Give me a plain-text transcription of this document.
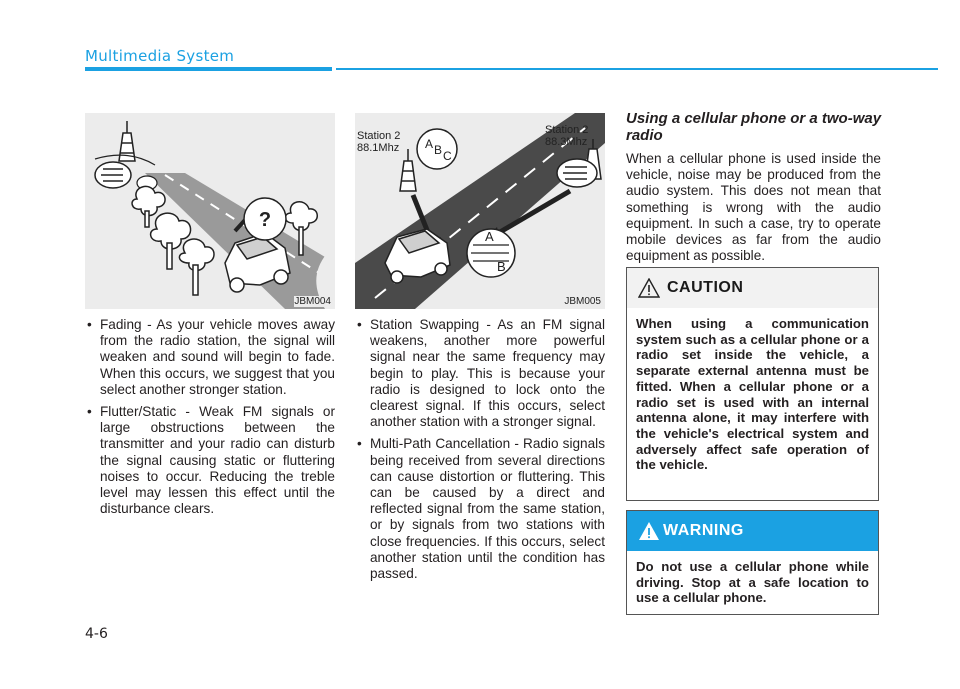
Multimedia System
?
JBM004
Station 2
88.1Mhz
Station 2
88.3Mhz
A B C
A
B
JBM005
• Fading - As your vehicle moves away from the radio station, the signal will weaken and sound will begin to fade. When this occurs, we suggest that you select another stronger station.
• Flutter/Static - Weak FM signals or large obstructions between the transmitter and your radio can disturb the signal causing static or fluttering noises to occur. Reducing the treble level may lessen this effect until the disturbance clears.
• Station Swapping - As an FM signal weakens, another more powerful signal near the same frequency may begin to play. This is because your radio is designed to lock onto the clearest signal. If this occurs, select another station with a stronger signal.
• Multi-Path Cancellation - Radio signals being received from several directions can cause distortion or fluttering. This can be caused by a direct and reflected signal from the same station, or by signals from two stations with close frequencies. If this occurs, select another station until the condition has passed.
Using a cellular phone or a two-way radio
When a cellular phone is used inside the vehicle, noise may be produced from the audio system. This does not mean that something is wrong with the audio equipment. In such a case, try to operate mobile devices as far from the audio equipment as possible.
CAUTION
When using a communication system such as a cellular phone or a radio set inside the vehicle, a separate external antenna must be fitted. When a cellular phone or a radio set is used with an internal antenna alone, it may interfere with the vehicle's electrical system and adversely affect safe operation of the vehicle.
WARNING
Do not use a cellular phone while driving. Stop at a safe location to use a cellular phone.
4-6
